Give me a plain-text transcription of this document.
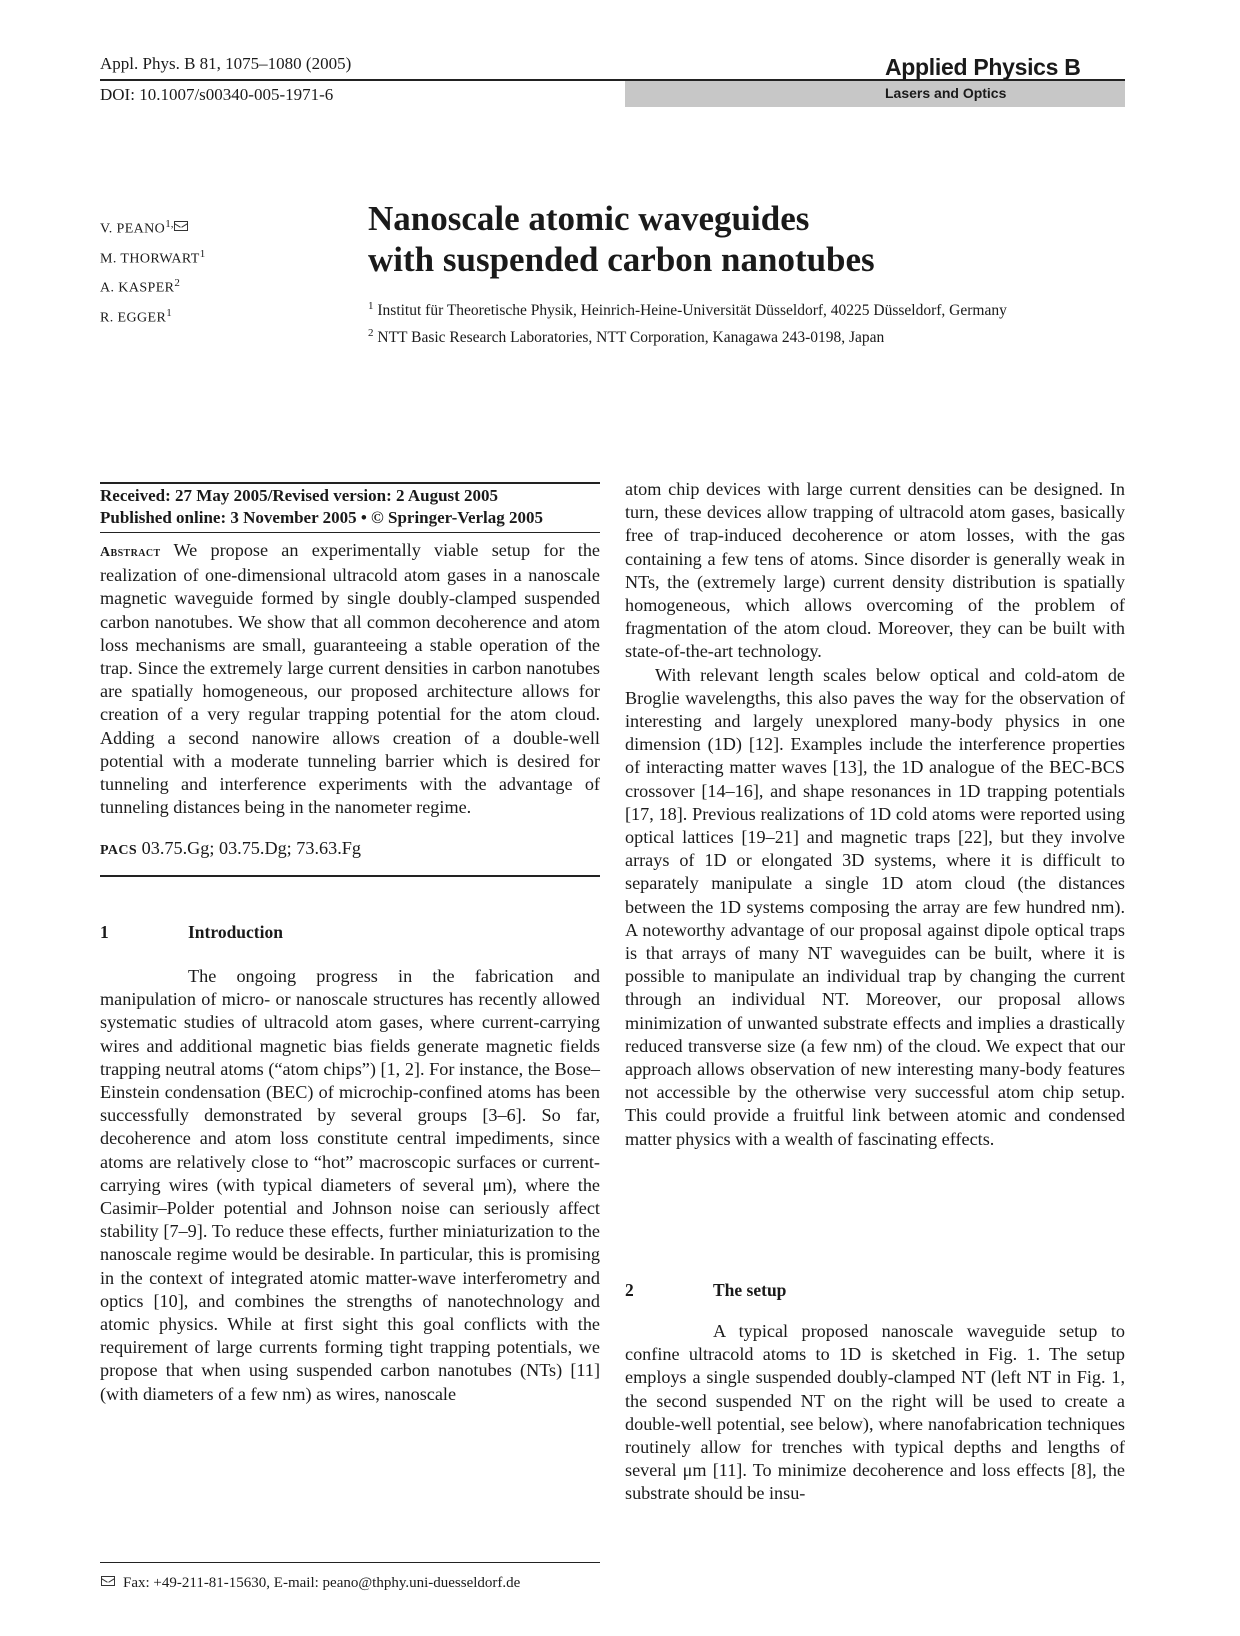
Appl. Phys. B 81, 1075–1080 (2005)
DOI: 10.1007/s00340-005-1971-6
Applied Physics B
Lasers and Optics
V. $PEANO^{1,}$
M. THORWART$^1$
A. KASPER$^2$
R. EGGER$^1$
Nanoscale atomic waveguides
with suspended carbon nanotubes
$^1$ Institut für Theoretische Physik, Heinrich-Heine-Universität Düsseldorf, 40225 Düsseldorf, Germany
$^2$ NTT Basic Research Laboratories, NTT Corporation, Kanagawa 243-0198, Japan
Received: 27 May 2005/Revised version: 2 August 2005
Published online: 3 November 2005 • © Springer-Verlag 2005

Abstract We propose an experimentally viable setup for the realization of one-dimensional ultracold atom gases in a nanoscale magnetic waveguide formed by single doubly-clamped suspended carbon nanotubes. We show that all common decoherence and atom loss mechanisms are small, guaranteeing a stable operation of the trap. Since the extremely large current densities in carbon nanotubes are spatially homogeneous, our proposed architecture allows for creation of a very regular trapping potential for the atom cloud. Adding a second nanowire allows creation of a double-well potential with a moderate tunneling barrier which is desired for tunneling and interference experiments with the advantage of tunneling distances being in the nanometer regime.

PACS 03.75.Gg; 03.75.Dg; 73.63.Fg
1	Introduction

The ongoing progress in the fabrication and manipulation of micro- or nanoscale structures has recently allowed systematic studies of ultracold atom gases, where current-carrying wires and additional magnetic bias fields generate magnetic fields trapping neutral atoms (“atom chips”) [1, 2]. For instance, the Bose–Einstein condensation (BEC) of microchip-confined atoms has been successfully demonstrated by several groups [3–6]. So far, decoherence and atom loss constitute central impediments, since atoms are relatively close to “hot” macroscopic surfaces or current-carrying wires (with typical diameters of several μm), where the Casimir–Polder potential and Johnson noise can seriously affect stability [7–9]. To reduce these effects, further miniaturization to the nanoscale regime would be desirable. In particular, this is promising in the context of integrated atomic matter-wave interferometry and optics [10], and combines the strengths of nanotechnology and atomic physics. While at first sight this goal conflicts with the requirement of large currents forming tight trapping potentials, we propose that when using suspended carbon nanotubes (NTs) [11] (with diameters of a few nm) as wires, nanoscale

Fax: +49-211-81-15630, E-mail: peano@thphy.uni-duesseldorf.de

atom chip devices with large current densities can be designed. In turn, these devices allow trapping of ultracold atom gases, basically free of trap-induced decoherence or atom losses, with the gas containing a few tens of atoms. Since disorder is generally weak in NTs, the (extremely large) current density distribution is spatially homogeneous, which allows overcoming of the problem of fragmentation of the atom cloud. Moreover, they can be built with state-of-the-art technology.

With relevant length scales below optical and cold-atom de Broglie wavelengths, this also paves the way for the observation of interesting and largely unexplored many-body physics in one dimension (1D) [12]. Examples include the interference properties of interacting matter waves [13], the 1D analogue of the BEC-BCS crossover [14–16], and shape resonances in 1D trapping potentials [17, 18]. Previous realizations of 1D cold atoms were reported using optical lattices [19–21] and magnetic traps [22], but they involve arrays of 1D or elongated 3D systems, where it is difficult to separately manipulate a single 1D atom cloud (the distances between the 1D systems composing the array are few hundred nm). A noteworthy advantage of our proposal against dipole optical traps is that arrays of many NT waveguides can be built, where it is possible to manipulate an individual trap by changing the current through an individual NT. Moreover, our proposal allows minimization of unwanted substrate effects and implies a drastically reduced transverse size (a few nm) of the cloud. We expect that our approach allows observation of new interesting many-body features not accessible by the otherwise very successful atom chip setup. This could provide a fruitful link between atomic and condensed matter physics with a wealth of fascinating effects.

2	The setup

A typical proposed nanoscale waveguide setup to confine ultracold atoms to 1D is sketched in Fig. 1. The setup employs a single suspended doubly-clamped NT (left NT in Fig. 1, the second suspended NT on the right will be used to create a double-well potential, see below), where nanofabrication techniques routinely allow for trenches with typical depths and lengths of several μm [11]. To minimize decoherence and loss effects [8], the substrate should be insu-
